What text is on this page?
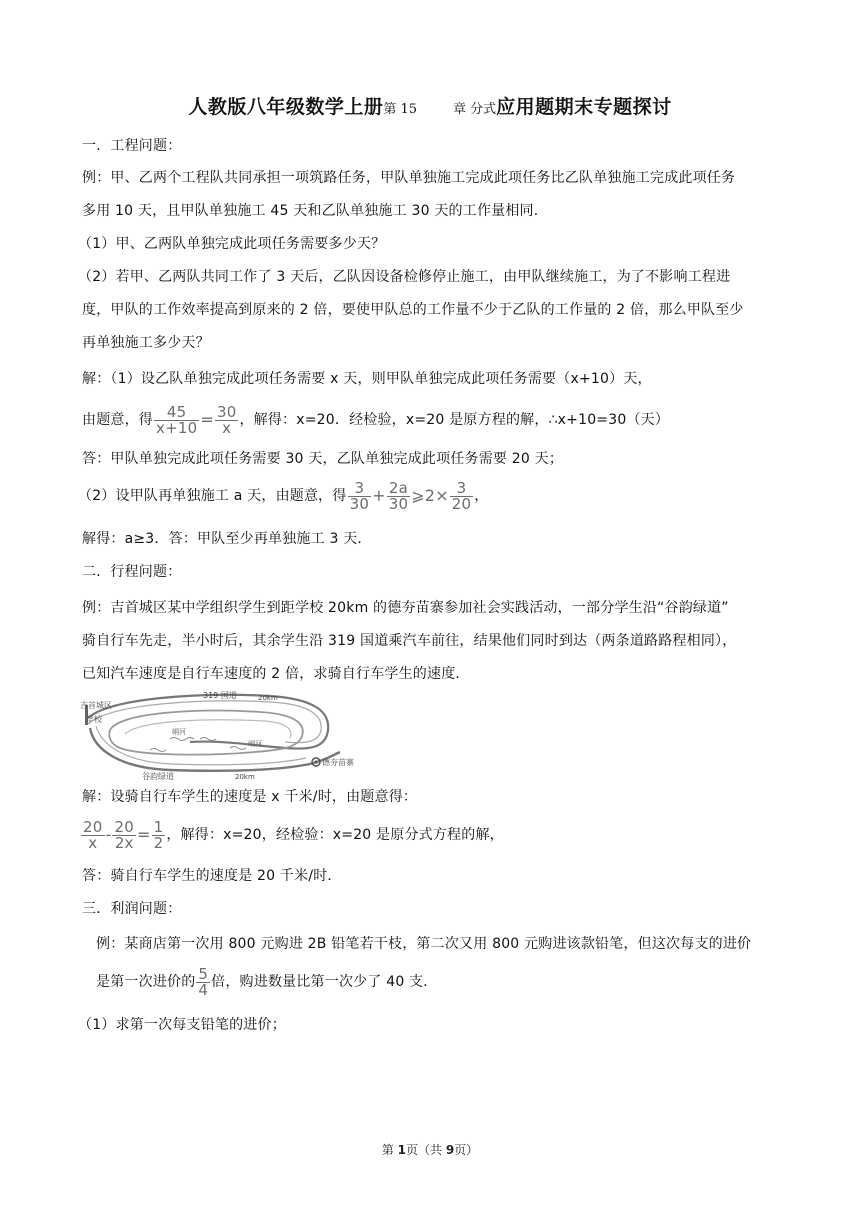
人教版八年级数学上册第 15	章 分式应用题期末专题探讨
一．工程问题：
例：甲、乙两个工程队共同承担一项筑路任务，甲队单独施工完成此项任务比乙队单独施工完成此项任务
多用 10 天，且甲队单独施工 45 天和乙队单独施工 30 天的工作量相同．
（1）甲、乙两队单独完成此项任务需要多少天？
（2）若甲、乙两队共同工作了 3 天后，乙队因设备检修停止施工，由甲队继续施工，为了不影响工程进
度，甲队的工作效率提高到原来的 2 倍，要使甲队总的工作量不少于乙队的工作量的 2 倍，那么甲队至少
再单独施工多少天？
解：（1）设乙队单独完成此项任务需要 x 天，则甲队单独完成此项任务需要（x+10）天，
由题意，得 $\frac{45}{x+10} = \frac{30}{x}$ ，解得：x=20．经检验，x=20 是原方程的解，∴x+10=30（天）
答：甲队单独完成此项任务需要 30 天，乙队单独完成此项任务需要 20 天；
（2）设甲队再单独施工 a 天，由题意，得 $\frac{3}{30} + \frac{2a}{30}$ ⩾2× $\frac{3}{20}$ ，
解得：a≥3．答：甲队至少再单独施工 3 天．
二．行程问题：
例：吉首城区某中学组织学生到距学校 20km 的德夯苗寨参加社会实践活动，一部分学生沿“谷韵绿道”
骑自行车先走，半小时后，其余学生沿 319 国道乘汽车前往，结果他们同时到达（两条道路路程相同），
已知汽车速度是自行车速度的 2 倍，求骑自行车学生的速度．
吉首城区
学校
319 国道	20km
峒河
峒河
谷韵绿道	20km
德夯苗寨
解：设骑自行车学生的速度是 x 千米/时，由题意得：
$\frac{20}{x} - \frac{20}{2x} = \frac{1}{2}$ ，解得：x=20，经检验：x=20 是原分式方程的解，
答：骑自行车学生的速度是 20 千米/时．
三．利润问题：
例：某商店第一次用 800 元购进 2B 铅笔若干枝，第二次又用 800 元购进该款铅笔，但这次每支的进价
是第一次进价的 $\frac{5}{4}$ 倍，购进数量比第一次少了 40 支．
（1）求第一次每支铅笔的进价；
第 1页（共 9页）
